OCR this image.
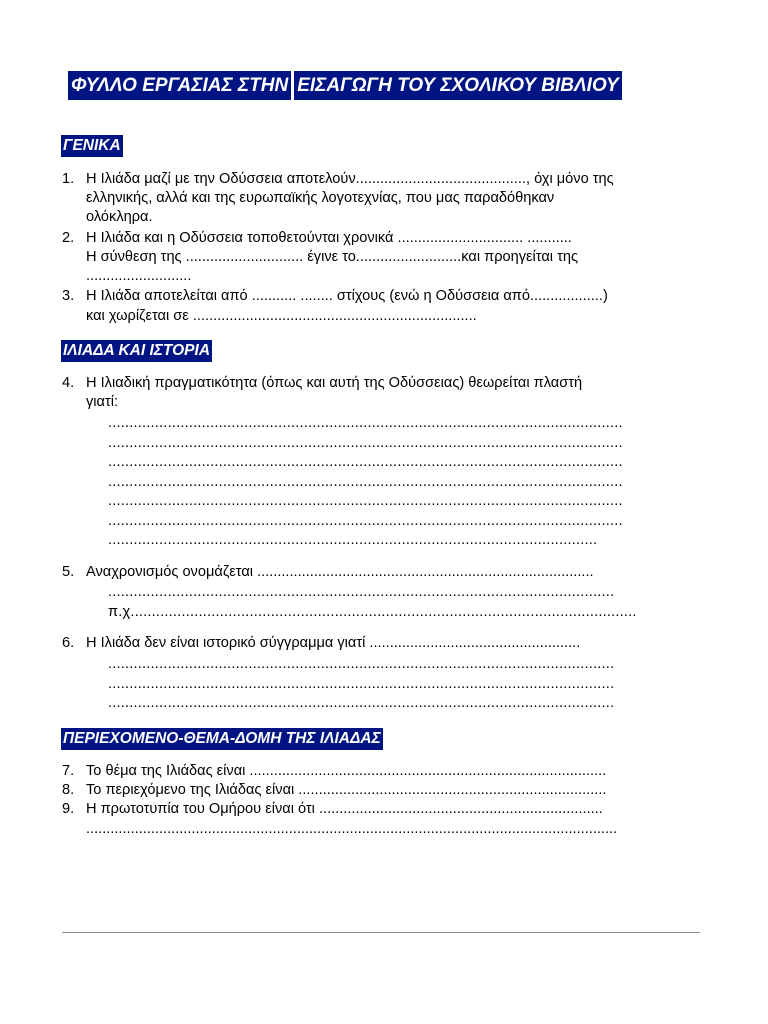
ΦΥΛΛΟ ΕΡΓΑΣΙΑΣ ΣΤΗΝ ΕΙΣΑΓΩΓΗ ΤΟΥ ΣΧΟΛΙΚΟΥ ΒΙΒΛΙΟΥ
ΓΕΝΙΚΑ
1. Η Ιλιάδα μαζί με την Οδύσσεια αποτελούν.........................................., όχι μόνο της
ελληνικής, αλλά και της ευρωπαϊκής λογοτεχνίας, που μας παραδόθηκαν
ολόκληρα.
2. Η Ιλιάδα και η Οδύσσεια τοποθετούνται χρονικά ............................... ...........
Η σύνθεση της ............................. έγινε το..........................και προηγείται της
..........................
3. Η Ιλιάδα αποτελείται από ........... ........ στίχους (ενώ η Οδύσσεια από..................)
και χωρίζεται σε ......................................................................
ΙΛΙΑΔΑ ΚΑΙ ΙΣΤΟΡΙΑ
4. Η Ιλιαδική πραγματικότητα (όπως και αυτή της Οδύσσειας) θεωρείται πλαστή
γιατί:
.........................................................................................................................
.........................................................................................................................
.........................................................................................................................
.........................................................................................................................
.........................................................................................................................
.........................................................................................................................
...................................................................................................................
5. Αναχρονισμός ονομάζεται ...................................................................................
.......................................................................................................................
π.χ.......................................................................................................................
6. Η Ιλιάδα δεν είναι ιστορικό σύγγραμμα γιατί ....................................................
.......................................................................................................................
.......................................................................................................................
.......................................................................................................................
ΠΕΡΙΕΧΟΜΕΝΟ-ΘΕΜΑ-ΔΟΜΗ ΤΗΣ ΙΛΙΑΔΑΣ
7. Το θέμα της Ιλιάδας είναι ........................................................................................
8. Το περιεχόμενο της Ιλιάδας είναι ............................................................................
9. Η πρωτοτυπία του Ομήρου είναι ότι ......................................................................
...................................................................................................................................
